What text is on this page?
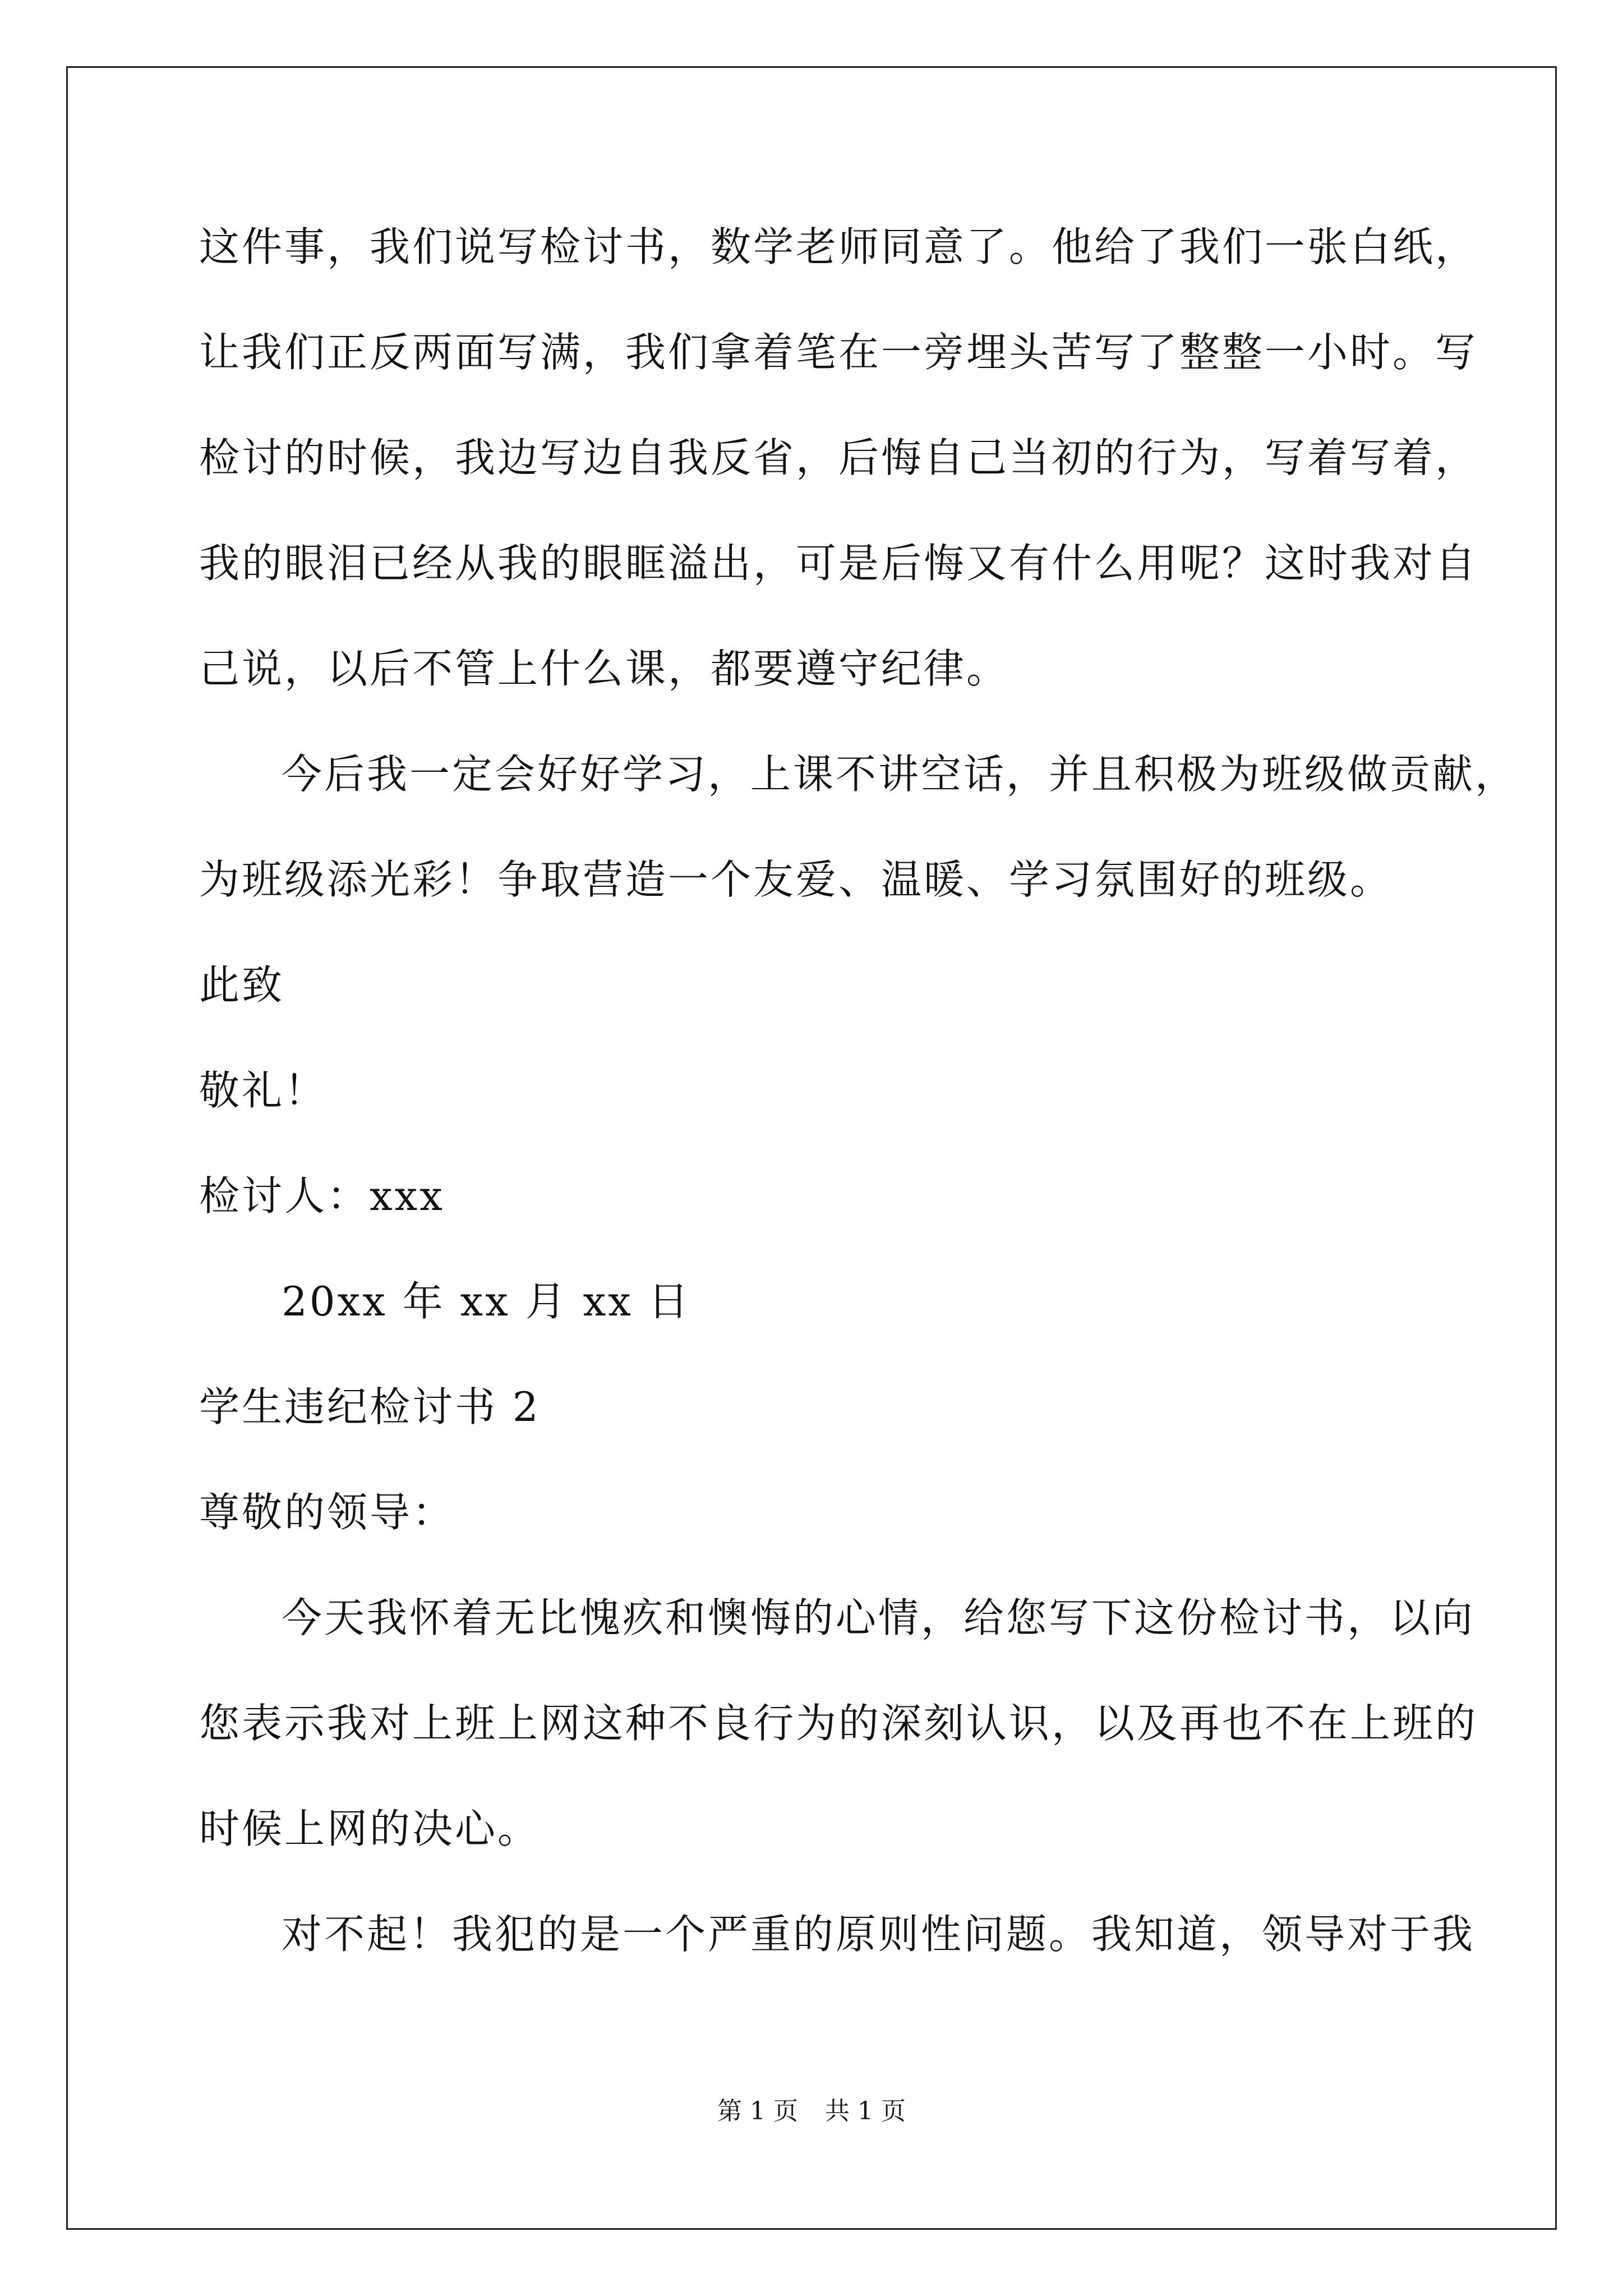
这件事，我们说写检讨书，数学老师同意了。他给了我们一张白纸，
让我们正反两面写满，我们拿着笔在一旁埋头苦写了整整一小时。写
检讨的时候，我边写边自我反省，后悔自己当初的行为，写着写着，
我的眼泪已经从我的眼眶溢出，可是后悔又有什么用呢？这时我对自
己说，以后不管上什么课，都要遵守纪律。
今后我一定会好好学习，上课不讲空话，并且积极为班级做贡献，
为班级添光彩！争取营造一个友爱、温暖、学习氛围好的班级。
此致
敬礼！
检讨人：xxx
20xx 年 xx 月 xx 日
学生违纪检讨书 2
尊敬的领导：
今天我怀着无比愧疚和懊悔的心情，给您写下这份检讨书，以向
您表示我对上班上网这种不良行为的深刻认识，以及再也不在上班的
时候上网的决心。
对不起！我犯的是一个严重的原则性问题。我知道，领导对于我
第 1 页 共 1 页
